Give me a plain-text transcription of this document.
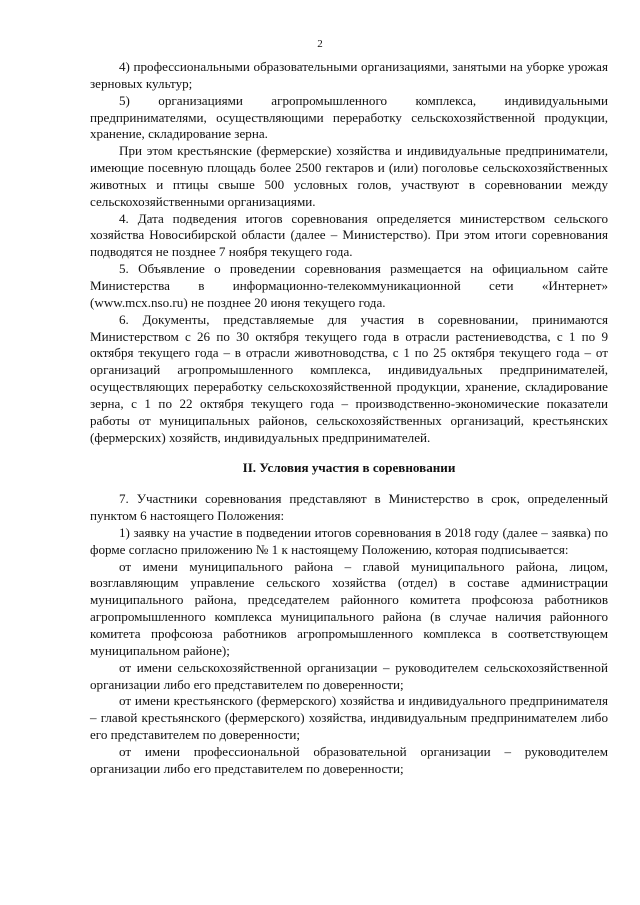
2

4) профессиональными образовательными организациями, занятыми на уборке урожая зерновых культур;

5) организациями агропромышленного комплекса, индивидуальными предпринимателями, осуществляющими переработку сельскохозяйственной продукции, хранение, складирование зерна.

При этом крестьянские (фермерские) хозяйства и индивидуальные предприниматели, имеющие посевную площадь более 2500 гектаров и (или) поголовье сельскохозяйственных животных и птицы свыше 500 условных голов, участвуют в соревновании между сельскохозяйственными организациями.

4. Дата подведения итогов соревнования определяется министерством сельского хозяйства Новосибирской области (далее – Министерство). При этом итоги соревнования подводятся не позднее 7 ноября текущего года.

5. Объявление о проведении соревнования размещается на официальном сайте Министерства в информационно-телекоммуникационной сети «Интернет» (www.mcx.nso.ru) не позднее 20 июня текущего года.

6. Документы, представляемые для участия в соревновании, принимаются Министерством с 26 по 30 октября текущего года в отрасли растениеводства, с 1 по 9 октября текущего года – в отрасли животноводства, с 1 по 25 октября текущего года – от организаций агропромышленного комплекса, индивидуальных предпринимателей, осуществляющих переработку сельскохозяйственной продукции, хранение, складирование зерна, с 1 по 22 октября текущего года – производственно-экономические показатели работы от муниципальных районов, сельскохозяйственных организаций, крестьянских (фермерских) хозяйств, индивидуальных предпринимателей.

II. Условия участия в соревновании

7. Участники соревнования представляют в Министерство в срок, определенный пунктом 6 настоящего Положения:

1) заявку на участие в подведении итогов соревнования в 2018 году (далее – заявка) по форме согласно приложению № 1 к настоящему Положению, которая подписывается:

от имени муниципального района – главой муниципального района, лицом, возглавляющим управление сельского хозяйства (отдел) в составе администрации муниципального района, председателем районного комитета профсоюза работников агропромышленного комплекса муниципального района (в случае наличия районного комитета профсоюза работников агропромышленного комплекса в соответствующем муниципальном районе);

от имени сельскохозяйственной организации – руководителем сельскохозяйственной организации либо его представителем по доверенности;

от имени крестьянского (фермерского) хозяйства и индивидуального предпринимателя – главой крестьянского (фермерского) хозяйства, индивидуальным предпринимателем либо его представителем по доверенности;

от имени профессиональной образовательной организации – руководителем организации либо его представителем по доверенности;
